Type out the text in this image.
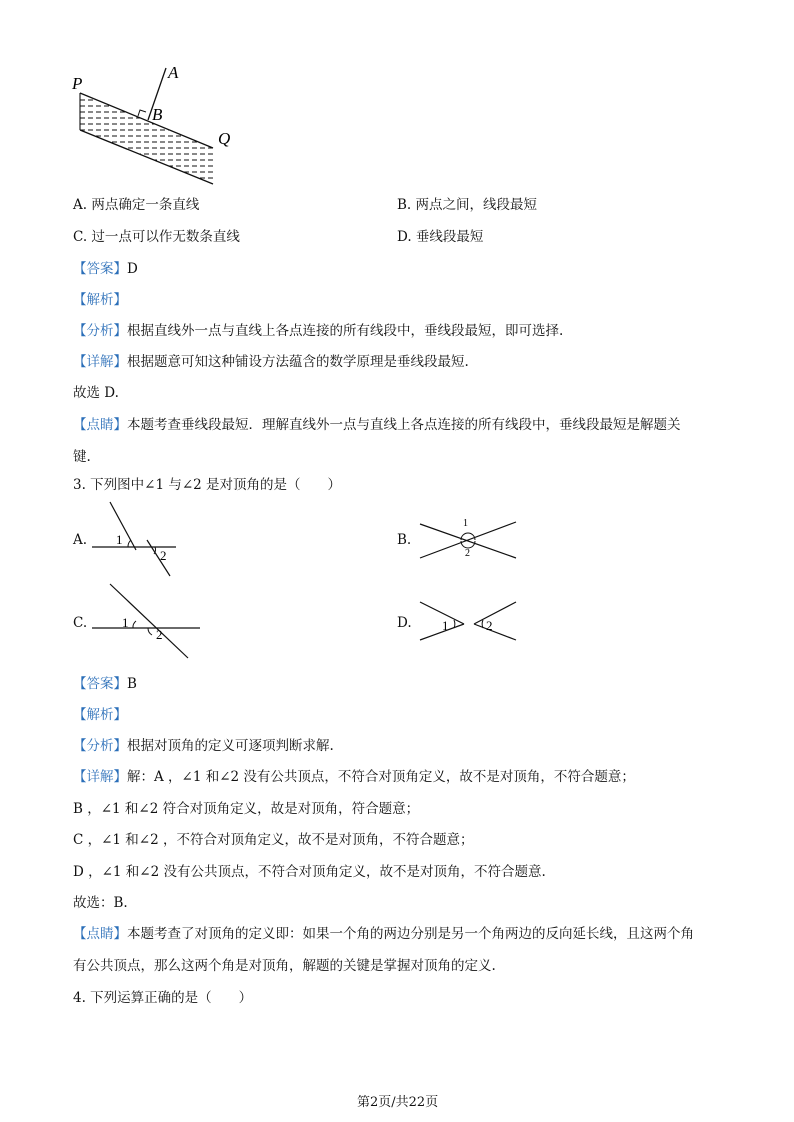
P
A
B
Q
A. 两点确定一条直线	B. 两点之间，线段最短
C. 过一点可以作无数条直线	D. 垂线段最短
【答案】D
【解析】
【分析】根据直线外一点与直线上各点连接的所有线段中，垂线段最短，即可选择.
【详解】根据题意可知这种铺设方法蕴含的数学原理是垂线段最短.
故选 D.
【点睛】本题考查垂线段最短．理解直线外一点与直线上各点连接的所有线段中，垂线段最短是解题关
键.
3. 下列图中∠1 与∠2 是对顶角的是（　　）
A. 1
2
B.
1
2
C.	1
2
D. 1	2
【答案】B
【解析】
【分析】根据对顶角的定义可逐项判断求解.
【详解】解：A ，∠1 和∠2 没有公共顶点，不符合对顶角定义，故不是对顶角，不符合题意；
B ，∠1 和∠2 符合对顶角定义，故是对顶角，符合题意；
C ，∠1 和∠2 ，不符合对顶角定义，故不是对顶角，不符合题意；
D ，∠1 和∠2 没有公共顶点，不符合对顶角定义，故不是对顶角，不符合题意.
故选：B.
【点睛】本题考查了对顶角的定义即：如果一个角的两边分别是另一个角两边的反向延长线，且这两个角
有公共顶点，那么这两个角是对顶角，解题的关键是掌握对顶角的定义.
4. 下列运算正确的是（　　）
第2页/共22页
